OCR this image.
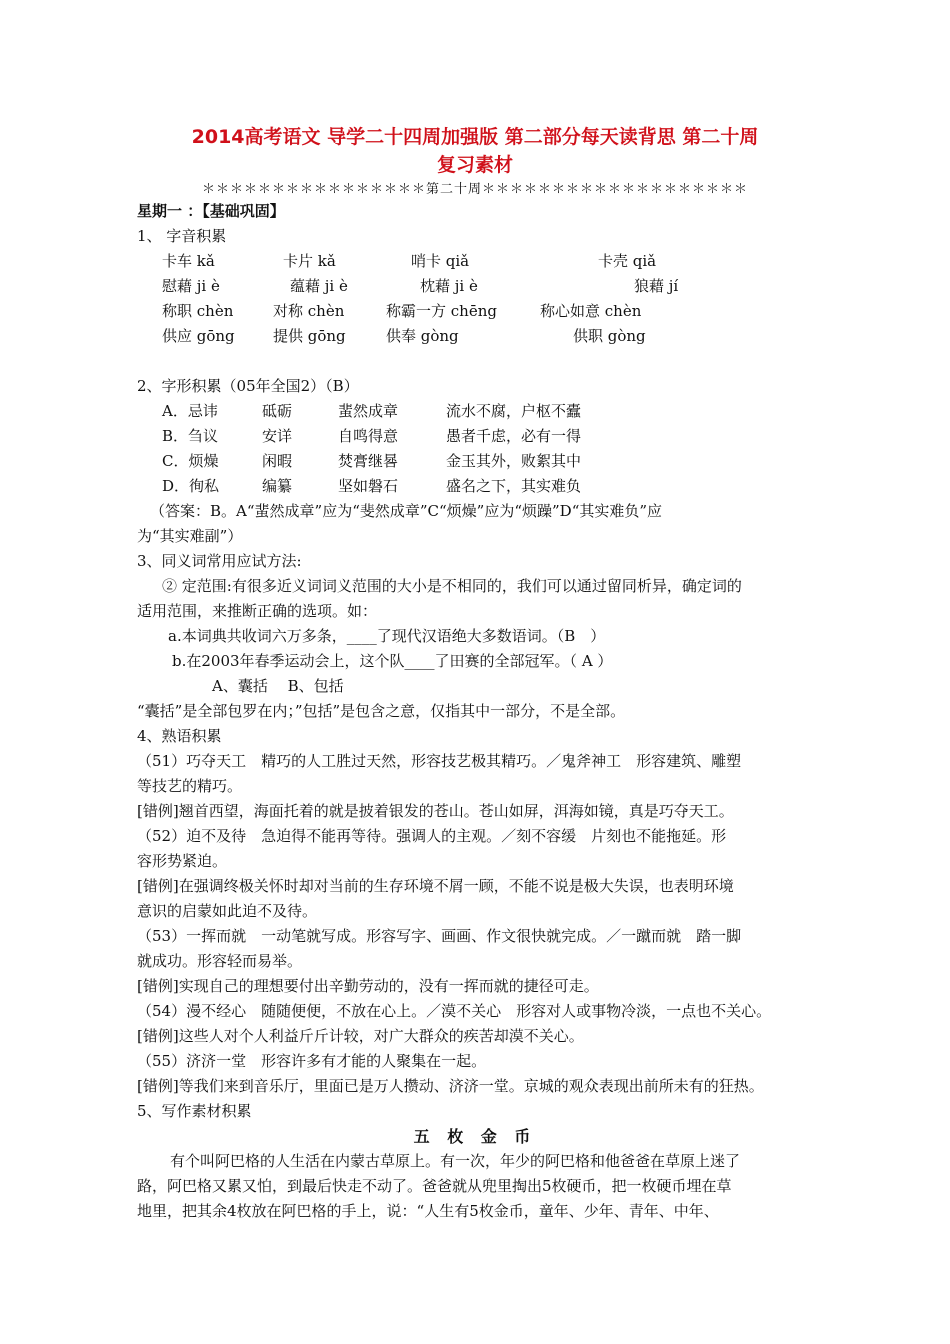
2014高考语文 导学二十四周加强版 第二部分每天读背思 第二十周
复习素材
＊＊＊＊＊＊＊＊＊＊＊＊＊＊＊＊第二十周＊＊＊＊＊＊＊＊＊＊＊＊＊＊＊＊＊＊＊
星期一 ：【基础巩固】
1、 字音积累
卡车 kǎ	卡片 kǎ	哨卡 qiǎ	卡壳 qiǎ
慰藉 ji è	蕴藉 ji è	枕藉 ji è	狼藉 jí
称职 chèn	对称 chèn	称霸一方 chēng	称心如意 chèn
供应 gōng	提供 gōng	供奉 gòng	供职 gòng
2、字形积累（05年全国2）（B）
A．忌讳	砥砺	蜚然成章	流水不腐，户枢不蠹
B．刍议	安详	自鸣得意	愚者千虑，必有一得
C．烦燥	闲暇	焚膏继晷	金玉其外，败絮其中
D．徇私	编纂	坚如磐石	盛名之下，其实难负
（答案：B。A“蜚然成章”应为“斐然成章”C“烦燥”应为“烦躁”D“其实难负”应
为“其实难副”）
3、同义词常用应试方法:
② 定范围:有很多近义词词义范围的大小是不相同的，我们可以通过留同析异，确定词的
适用范围，来推断正确的选项。如：
a.本词典共收词六万多条，____了现代汉语绝大多数语词。（B　）
b.在2003年春季运动会上，这个队____了田赛的全部冠军。（ A ）
A、囊括　 B、包括
“囊括”是全部包罗在内；”包括”是包含之意，仅指其中一部分，不是全部。
4、熟语积累
（51）巧夺天工　精巧的人工胜过天然，形容技艺极其精巧。／鬼斧神工　形容建筑、雕塑
等技艺的精巧。
[错例]翘首西望，海面托着的就是披着银发的苍山。苍山如屏，洱海如镜，真是巧夺天工。
（52）迫不及待　急迫得不能再等待。强调人的主观。／刻不容缓　片刻也不能拖延。形
容形势紧迫。
[错例]在强调终极关怀时却对当前的生存环境不屑一顾，不能不说是极大失误，也表明环境
意识的启蒙如此迫不及待。
（53）一挥而就　一动笔就写成。形容写字、画画、作文很快就完成。／一蹴而就　踏一脚
就成功。形容轻而易举。
[错例]实现自己的理想要付出辛勤劳动的，没有一挥而就的捷径可走。
（54）漫不经心　随随便便，不放在心上。／漠不关心　形容对人或事物冷淡，一点也不关心。
[错例]这些人对个人利益斤斤计较，对广大群众的疾苦却漠不关心。
（55）济济一堂　形容许多有才能的人聚集在一起。
[错例]等我们来到音乐厅，里面已是万人攒动、济济一堂。京城的观众表现出前所未有的狂热。
5、写作素材积累
五 枚 金 币
有个叫阿巴格的人生活在内蒙古草原上。有一次，年少的阿巴格和他爸爸在草原上迷了
路，阿巴格又累又怕，到最后快走不动了。爸爸就从兜里掏出5枚硬币，把一枚硬币埋在草
地里，把其余4枚放在阿巴格的手上，说：“人生有5枚金币，童年、少年、青年、中年、
